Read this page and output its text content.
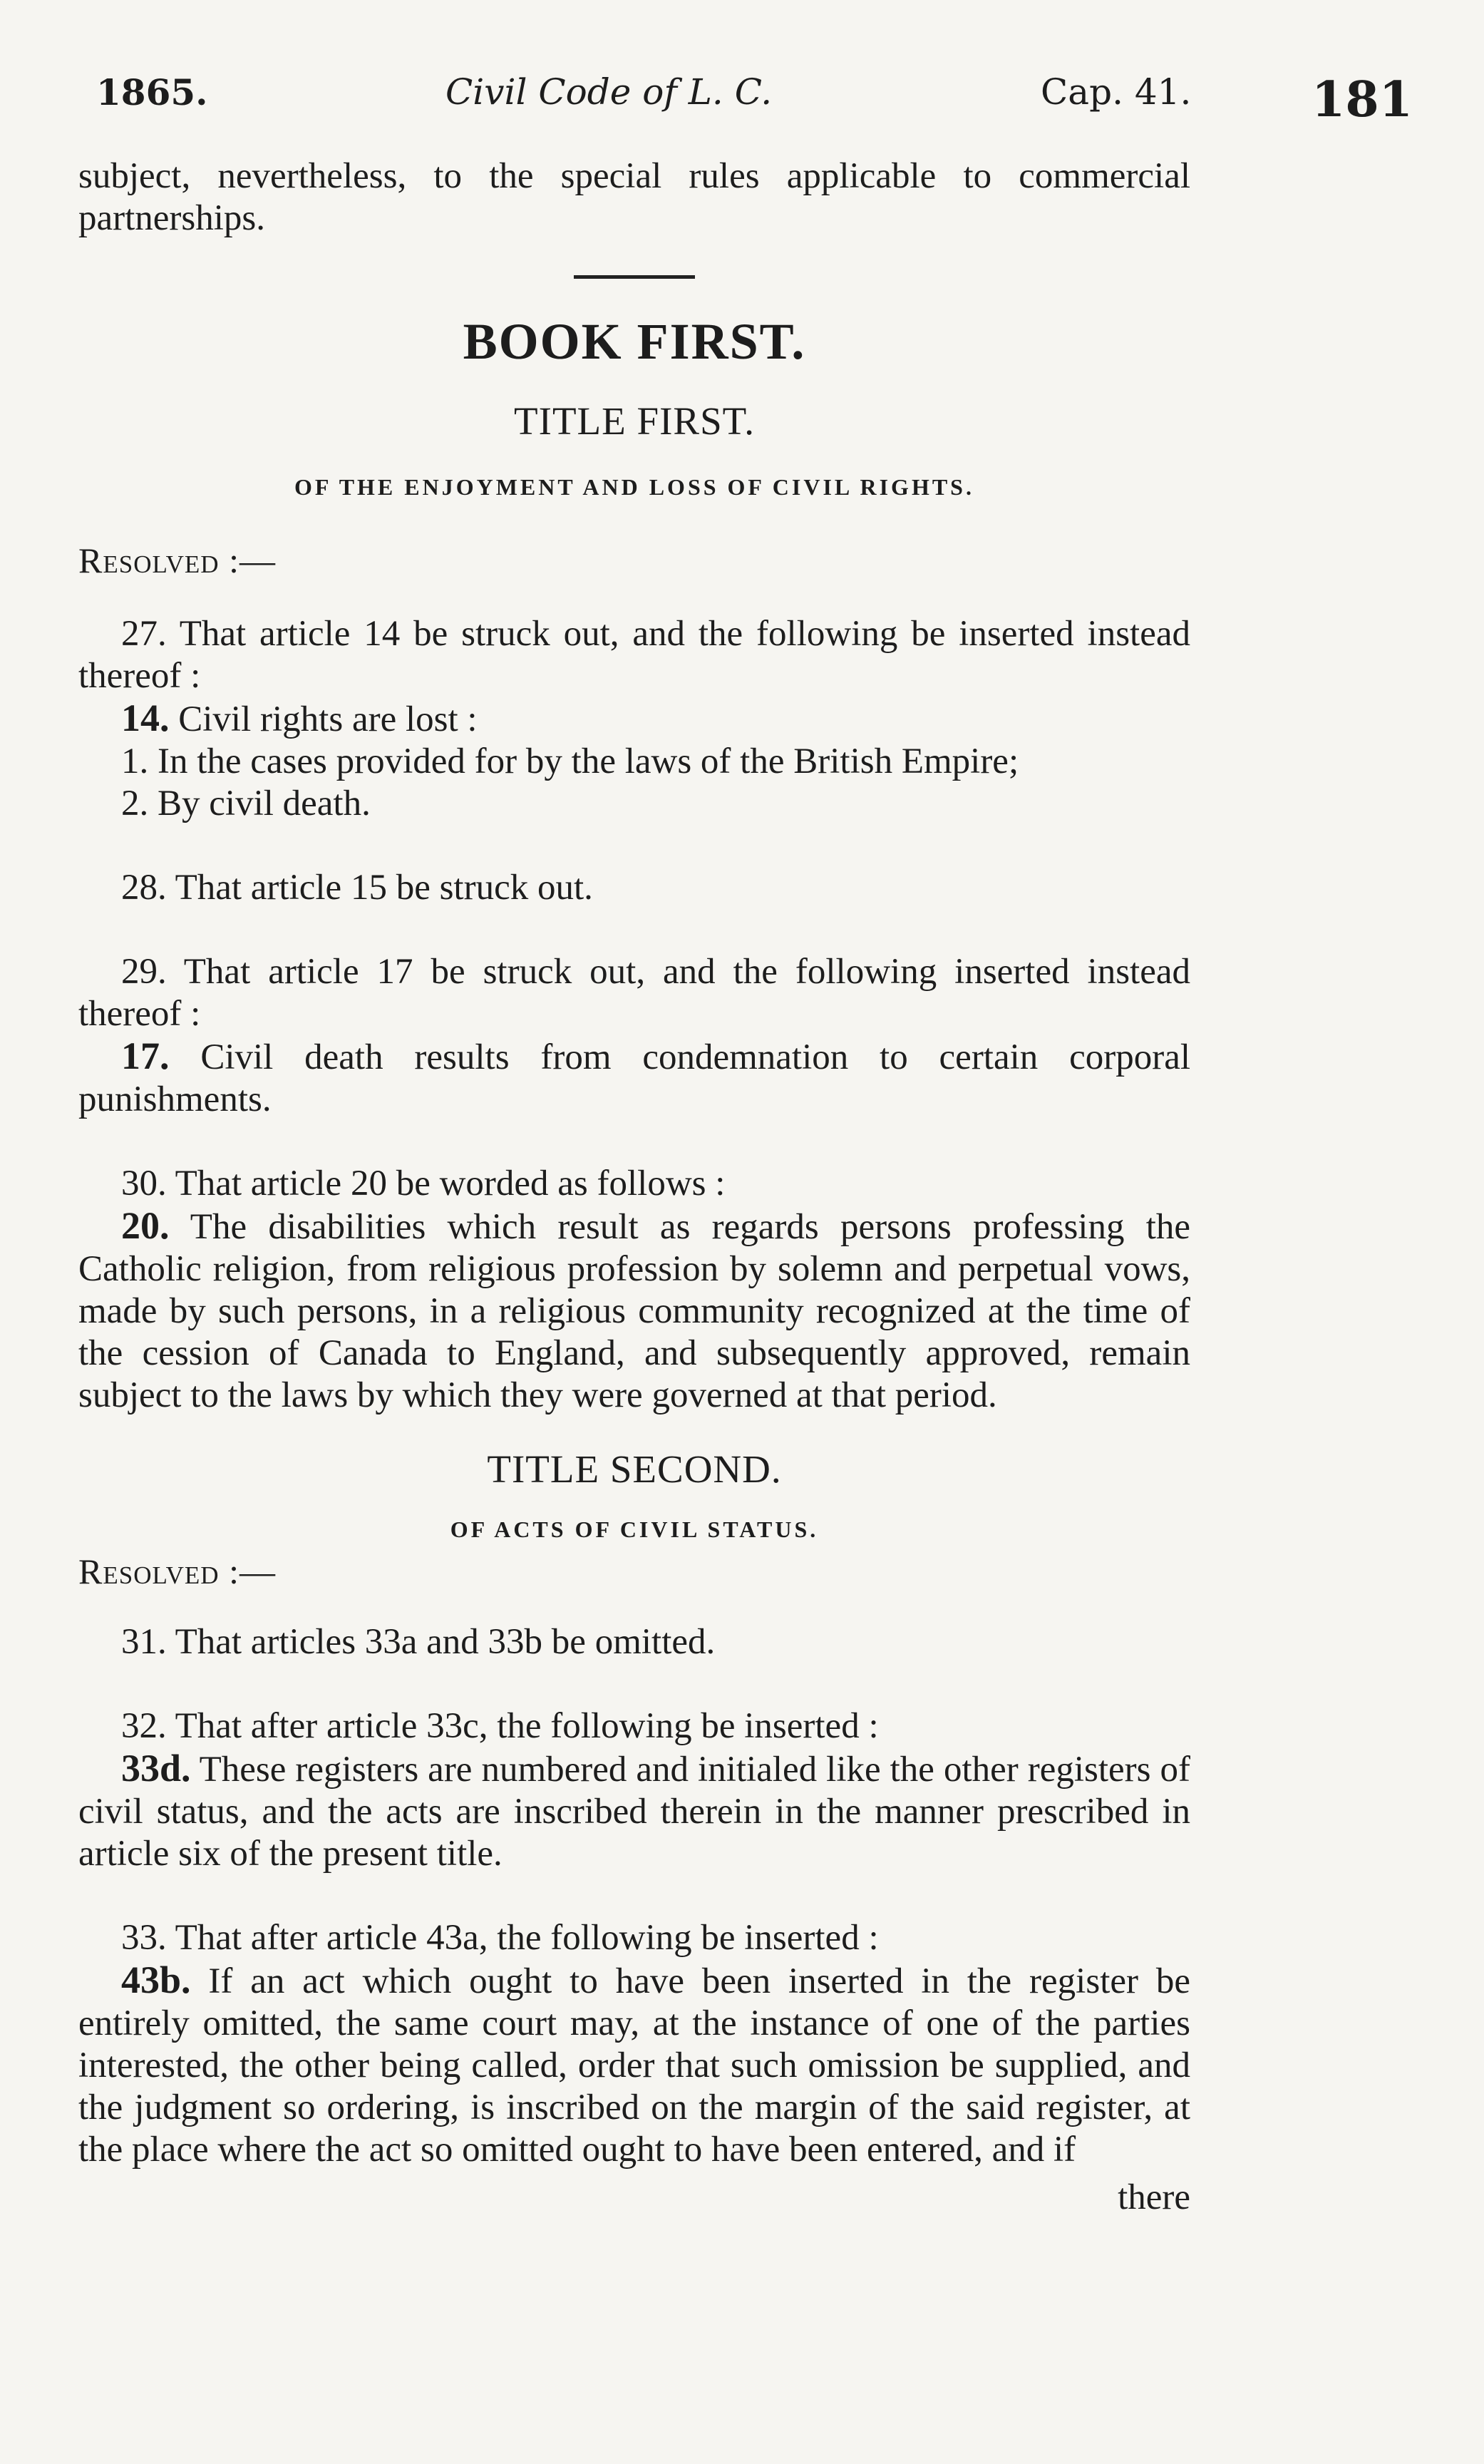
1865.	Civil Code of L. C.	Cap. 41. 181

subject, nevertheless, to the special rules applicable to commercial partnerships.

BOOK FIRST.

TITLE FIRST.

OF THE ENJOYMENT AND LOSS OF CIVIL RIGHTS.

Resolved :—

27. That article 14 be struck out, and the following be inserted instead thereof :

14. Civil rights are lost :

1. In the cases provided for by the laws of the British Empire;

2. By civil death.

28. That article 15 be struck out.

29. That article 17 be struck out, and the following inserted instead thereof :

17. Civil death results from condemnation to certain corporal punishments.

30. That article 20 be worded as follows :

20. The disabilities which result as regards persons professing the Catholic religion, from religious profession by solemn and perpetual vows, made by such persons, in a religious community recognized at the time of the cession of Canada to England, and subsequently approved, remain subject to the laws by which they were governed at that period.

TITLE SECOND.

OF ACTS OF CIVIL STATUS.

Resolved :—

31. That articles 33a and 33b be omitted.

32. That after article 33c, the following be inserted :

33d. These registers are numbered and initialed like the other registers of civil status, and the acts are inscribed therein in the manner prescribed in article six of the present title.

33. That after article 43a, the following be inserted :

43b. If an act which ought to have been inserted in the register be entirely omitted, the same court may, at the instance of one of the parties interested, the other being called, order that such omission be supplied, and the judgment so ordering, is inscribed on the margin of the said register, at the place where the act so omitted ought to have been entered, and if

there
